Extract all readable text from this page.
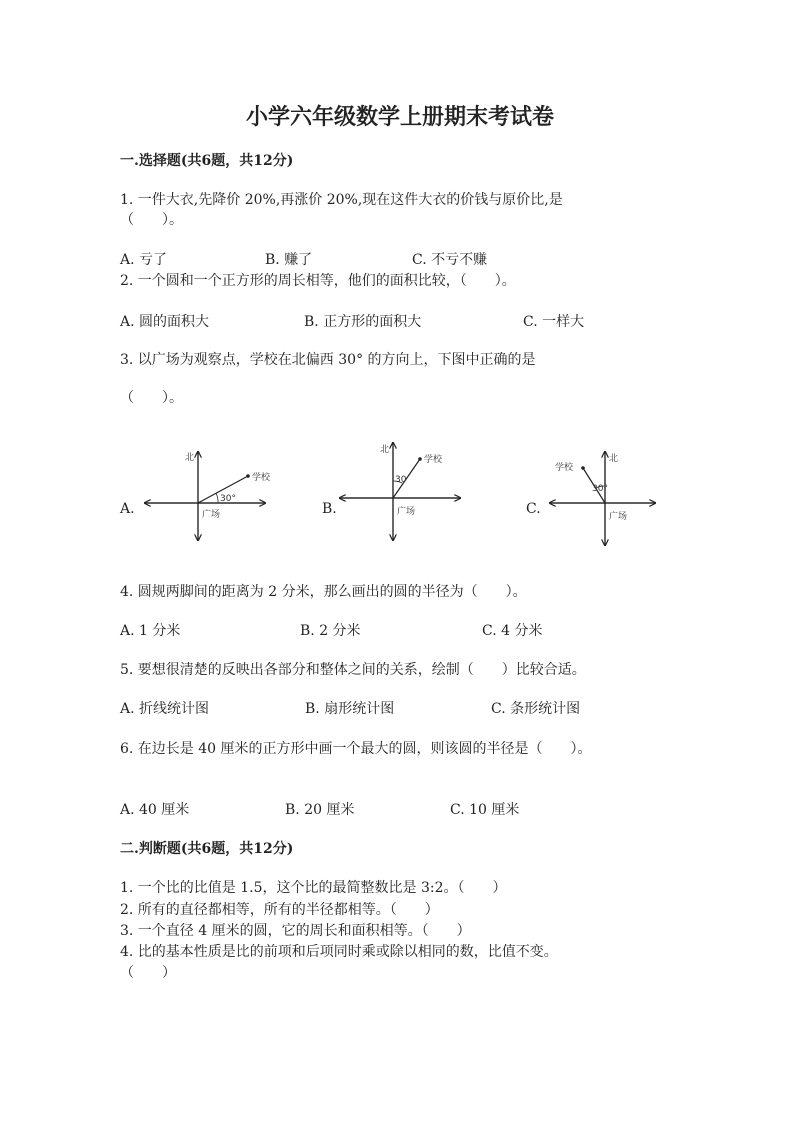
小学六年级数学上册期末考试卷
一.选择题(共6题，共12分)
1. 一件大衣,先降价 20%,再涨价 20%,现在这件大衣的价钱与原价比,是
（　　）。
A. 亏了	B. 赚了	C. 不亏不赚
2. 一个圆和一个正方形的周长相等，他们的面积比较，（　　）。
A. 圆的面积大	B. 正方形的面积大	C. 一样大
3. 以广场为观察点，学校在北偏西 30° 的方向上，下图中正确的是
（　　）。
A.	B.	C.
北
学校
30°
广场
北
学校
30
广场
北
学校
30°
广场
4. 圆规两脚间的距离为 2 分米，那么画出的圆的半径为（　　）。
A. 1 分米	B. 2 分米	C. 4 分米
5. 要想很清楚的反映出各部分和整体之间的关系，绘制（　　）比较合适。
A. 折线统计图	B. 扇形统计图	C. 条形统计图
6. 在边长是 40 厘米的正方形中画一个最大的圆，则该圆的半径是（　　）。
A. 40 厘米	B. 20 厘米	C. 10 厘米
二.判断题(共6题，共12分)
1. 一个比的比值是 1.5，这个比的最简整数比是 3:2。（　　）
2. 所有的直径都相等，所有的半径都相等。（　　）
3. 一个直径 4 厘米的圆，它的周长和面积相等。（　　）
4. 比的基本性质是比的前项和后项同时乘或除以相同的数，比值不变。
（　　）
